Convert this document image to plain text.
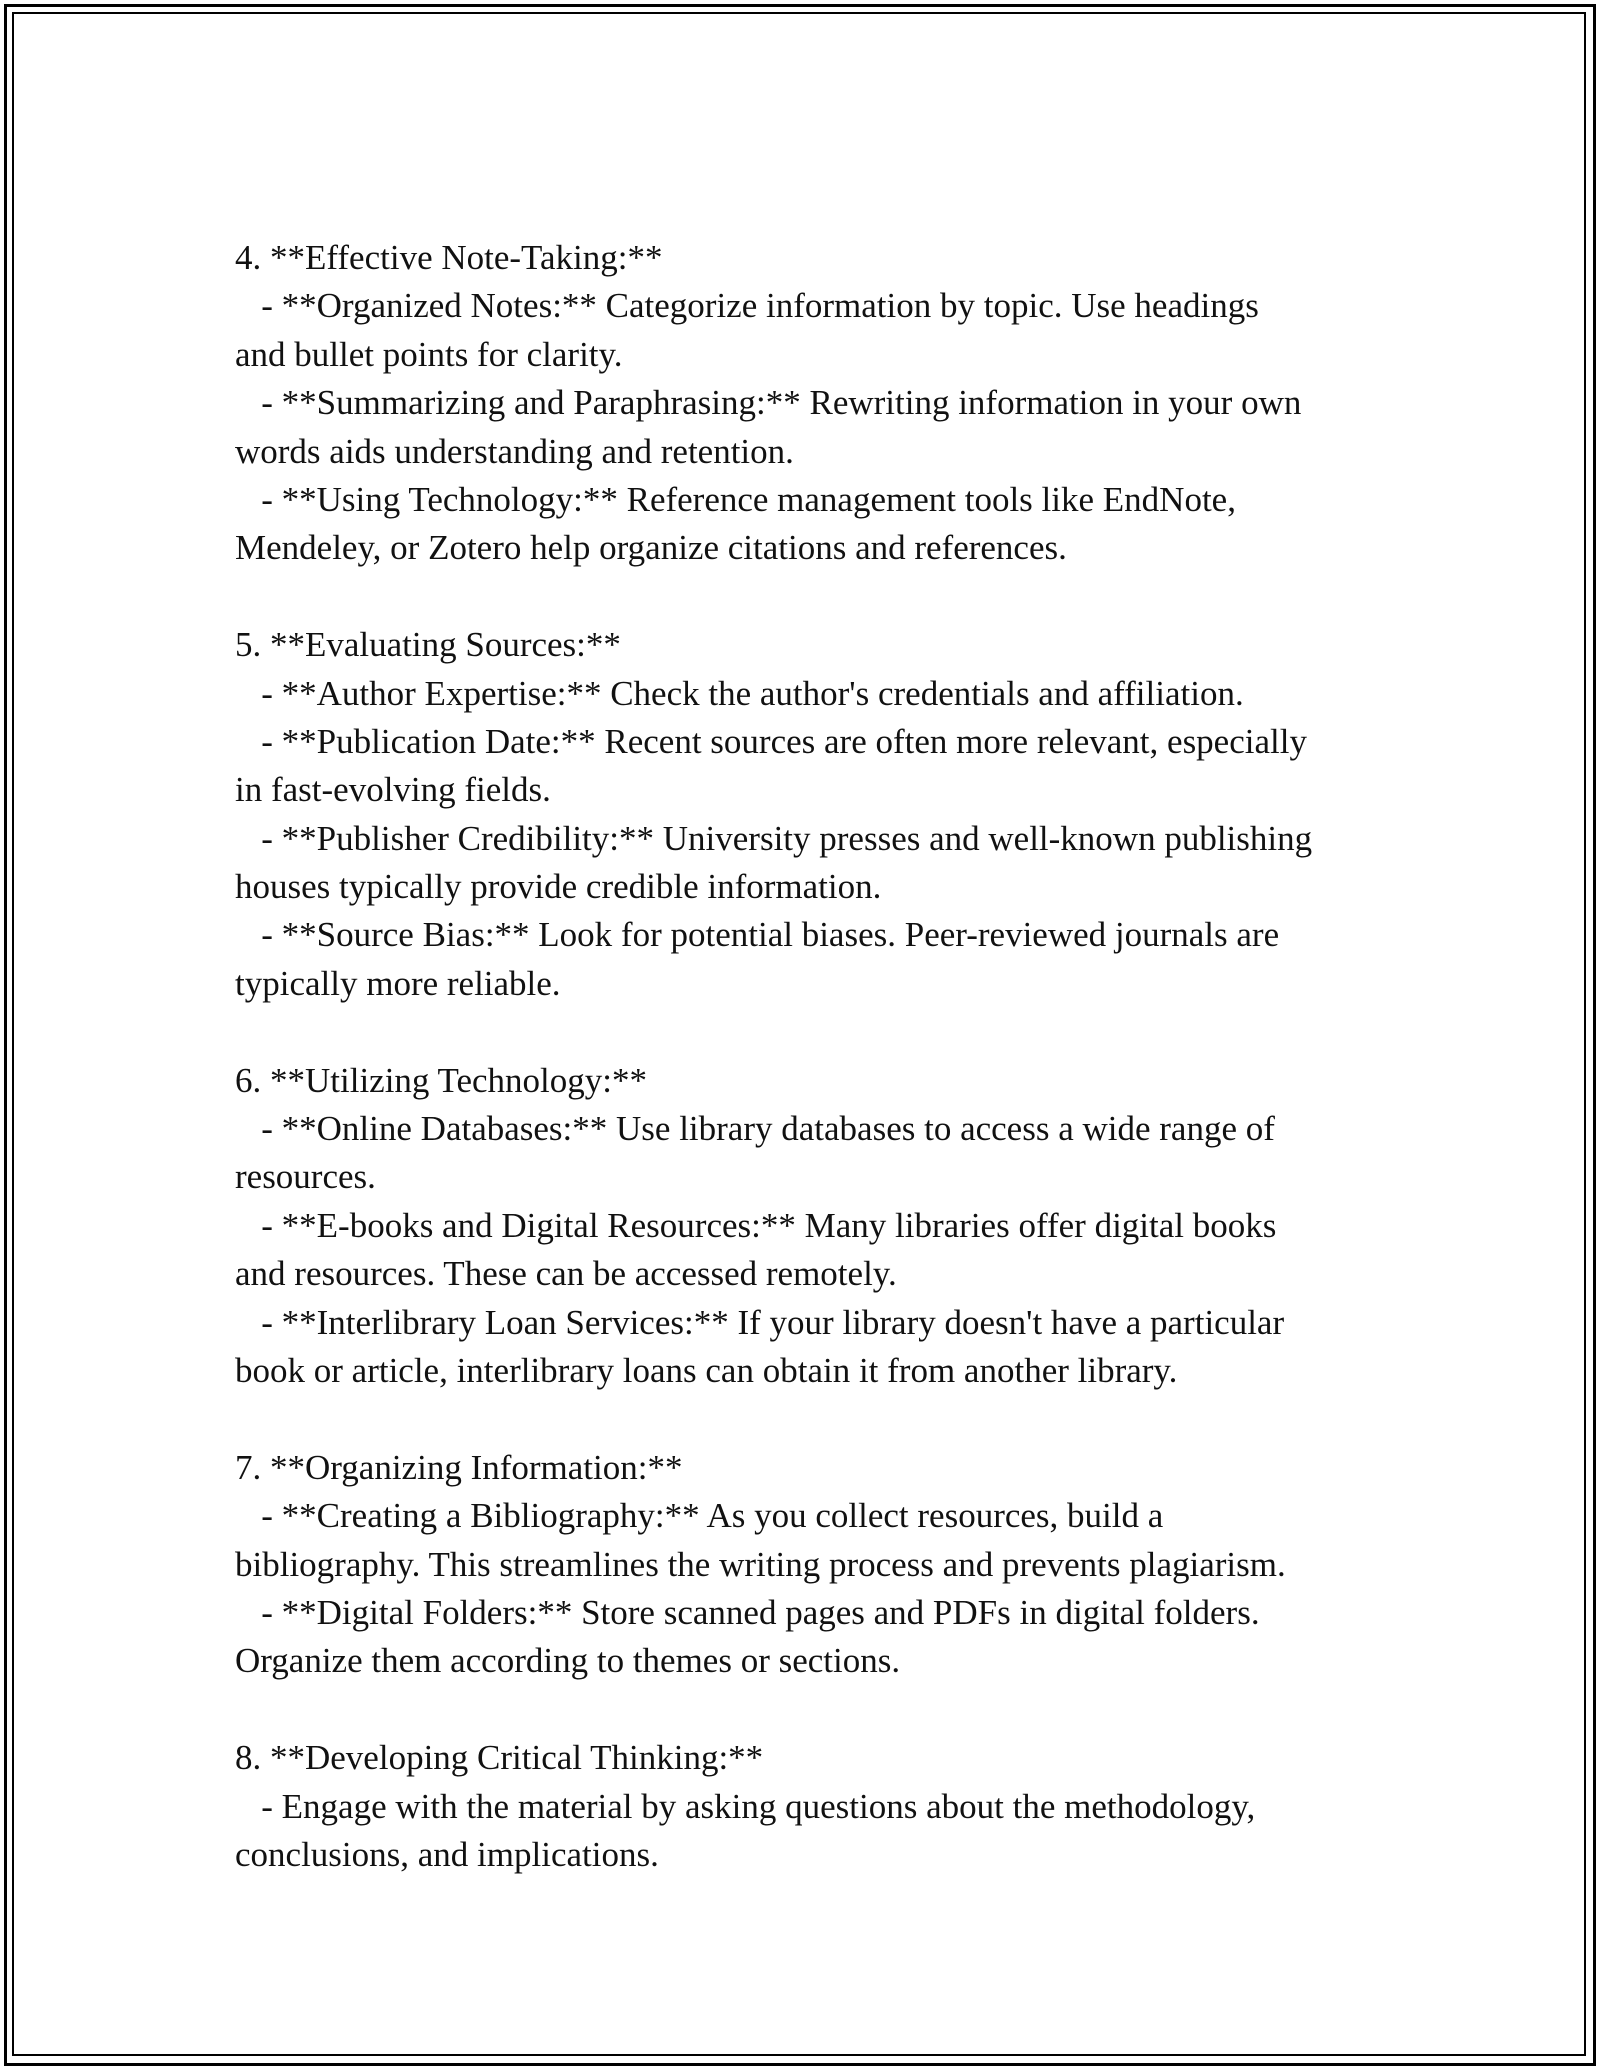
4. **Effective Note-Taking:**
- **Organized Notes:** Categorize information by topic. Use headings
and bullet points for clarity.
- **Summarizing and Paraphrasing:** Rewriting information in your own
words aids understanding and retention.
- **Using Technology:** Reference management tools like EndNote,
Mendeley, or Zotero help organize citations and references.
5. **Evaluating Sources:**
- **Author Expertise:** Check the author's credentials and affiliation.
- **Publication Date:** Recent sources are often more relevant, especially
in fast-evolving fields.
- **Publisher Credibility:** University presses and well-known publishing
houses typically provide credible information.
- **Source Bias:** Look for potential biases. Peer-reviewed journals are
typically more reliable.
6. **Utilizing Technology:**
- **Online Databases:** Use library databases to access a wide range of
resources.
- **E-books and Digital Resources:** Many libraries offer digital books
and resources. These can be accessed remotely.
- **Interlibrary Loan Services:** If your library doesn't have a particular
book or article, interlibrary loans can obtain it from another library.
7. **Organizing Information:**
- **Creating a Bibliography:** As you collect resources, build a
bibliography. This streamlines the writing process and prevents plagiarism.
- **Digital Folders:** Store scanned pages and PDFs in digital folders.
Organize them according to themes or sections.
8. **Developing Critical Thinking:**
- Engage with the material by asking questions about the methodology,
conclusions, and implications.
